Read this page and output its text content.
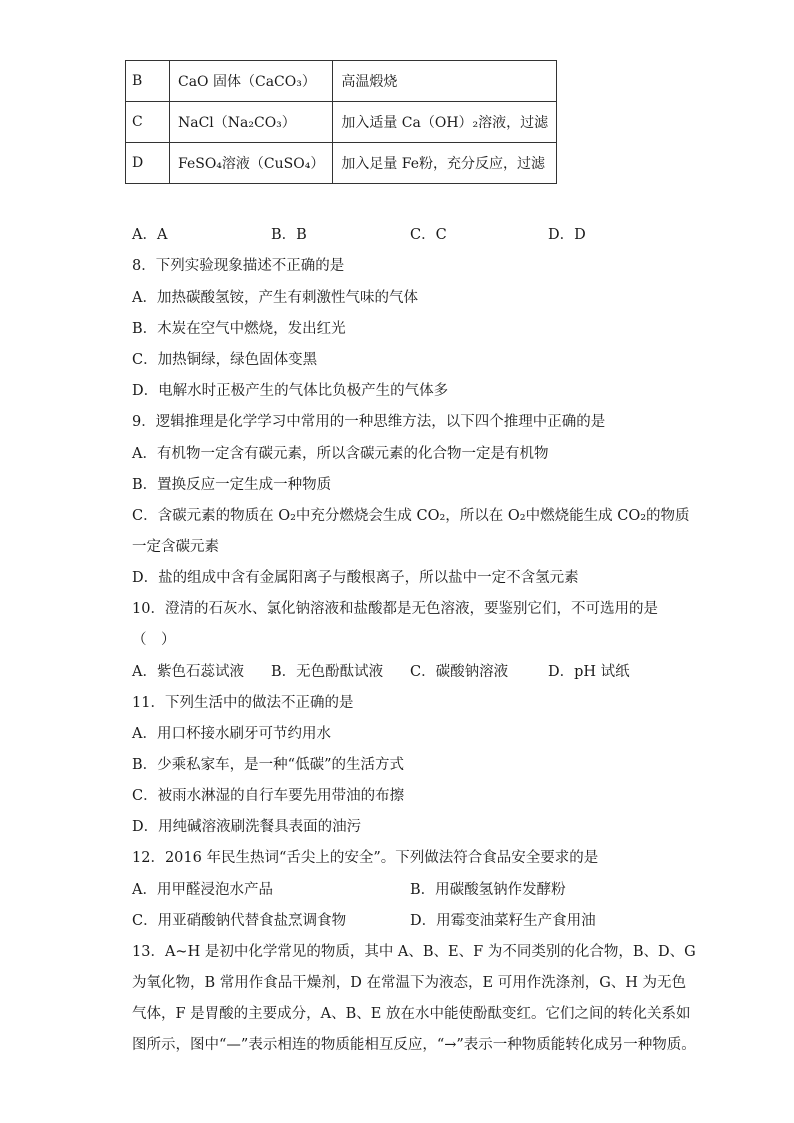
B	CaO 固体（CaCO₃）	高温煅烧
C	NaCl（Na₂CO₃）	加入适量 Ca（OH）₂溶液，过滤
D	FeSO₄溶液（CuSO₄）	加入足量 Fe粉，充分反应，过滤
A．A	B．B	C．C	D．D
8．下列实验现象描述不正确的是
A．加热碳酸氢铵，产生有刺激性气味的气体
B．木炭在空气中燃烧，发出红光
C．加热铜绿，绿色固体变黑
D．电解水时正极产生的气体比负极产生的气体多
9．逻辑推理是化学学习中常用的一种思维方法，以下四个推理中正确的是
A．有机物一定含有碳元素，所以含碳元素的化合物一定是有机物
B．置换反应一定生成一种物质
C．含碳元素的物质在 O₂中充分燃烧会生成 CO₂，所以在 O₂中燃烧能生成 CO₂的物质
一定含碳元素
D．盐的组成中含有金属阳离子与酸根离子，所以盐中一定不含氢元素
10．澄清的石灰水、氯化钠溶液和盐酸都是无色溶液，要鉴别它们，不可选用的是
（　）
A．紫色石蕊试液 B．无色酚酞试液 C．碳酸钠溶液	D．pH 试纸
11．下列生活中的做法不正确的是
A．用口杯接水刷牙可节约用水
B．少乘私家车，是一种“低碳”的生活方式
C．被雨水淋湿的自行车要先用带油的布擦
D．用纯碱溶液刷洗餐具表面的油污
12．2016 年民生热词“舌尖上的安全”。下列做法符合食品安全要求的是
A．用甲醛浸泡水产品	B．用碳酸氢钠作发酵粉
C．用亚硝酸钠代替食盐烹调食物	D．用霉变油菜籽生产食用油
13．A~H 是初中化学常见的物质，其中 A、B、E、F 为不同类别的化合物，B、D、G
为氧化物，B 常用作食品干燥剂，D 在常温下为液态，E 可用作洗涤剂，G、H 为无色
气体，F 是胃酸的主要成分，A、B、E 放在水中能使酚酞变红。它们之间的转化关系如
图所示，图中“—”表示相连的物质能相互反应，“→”表示一种物质能转化成另一种物质。
